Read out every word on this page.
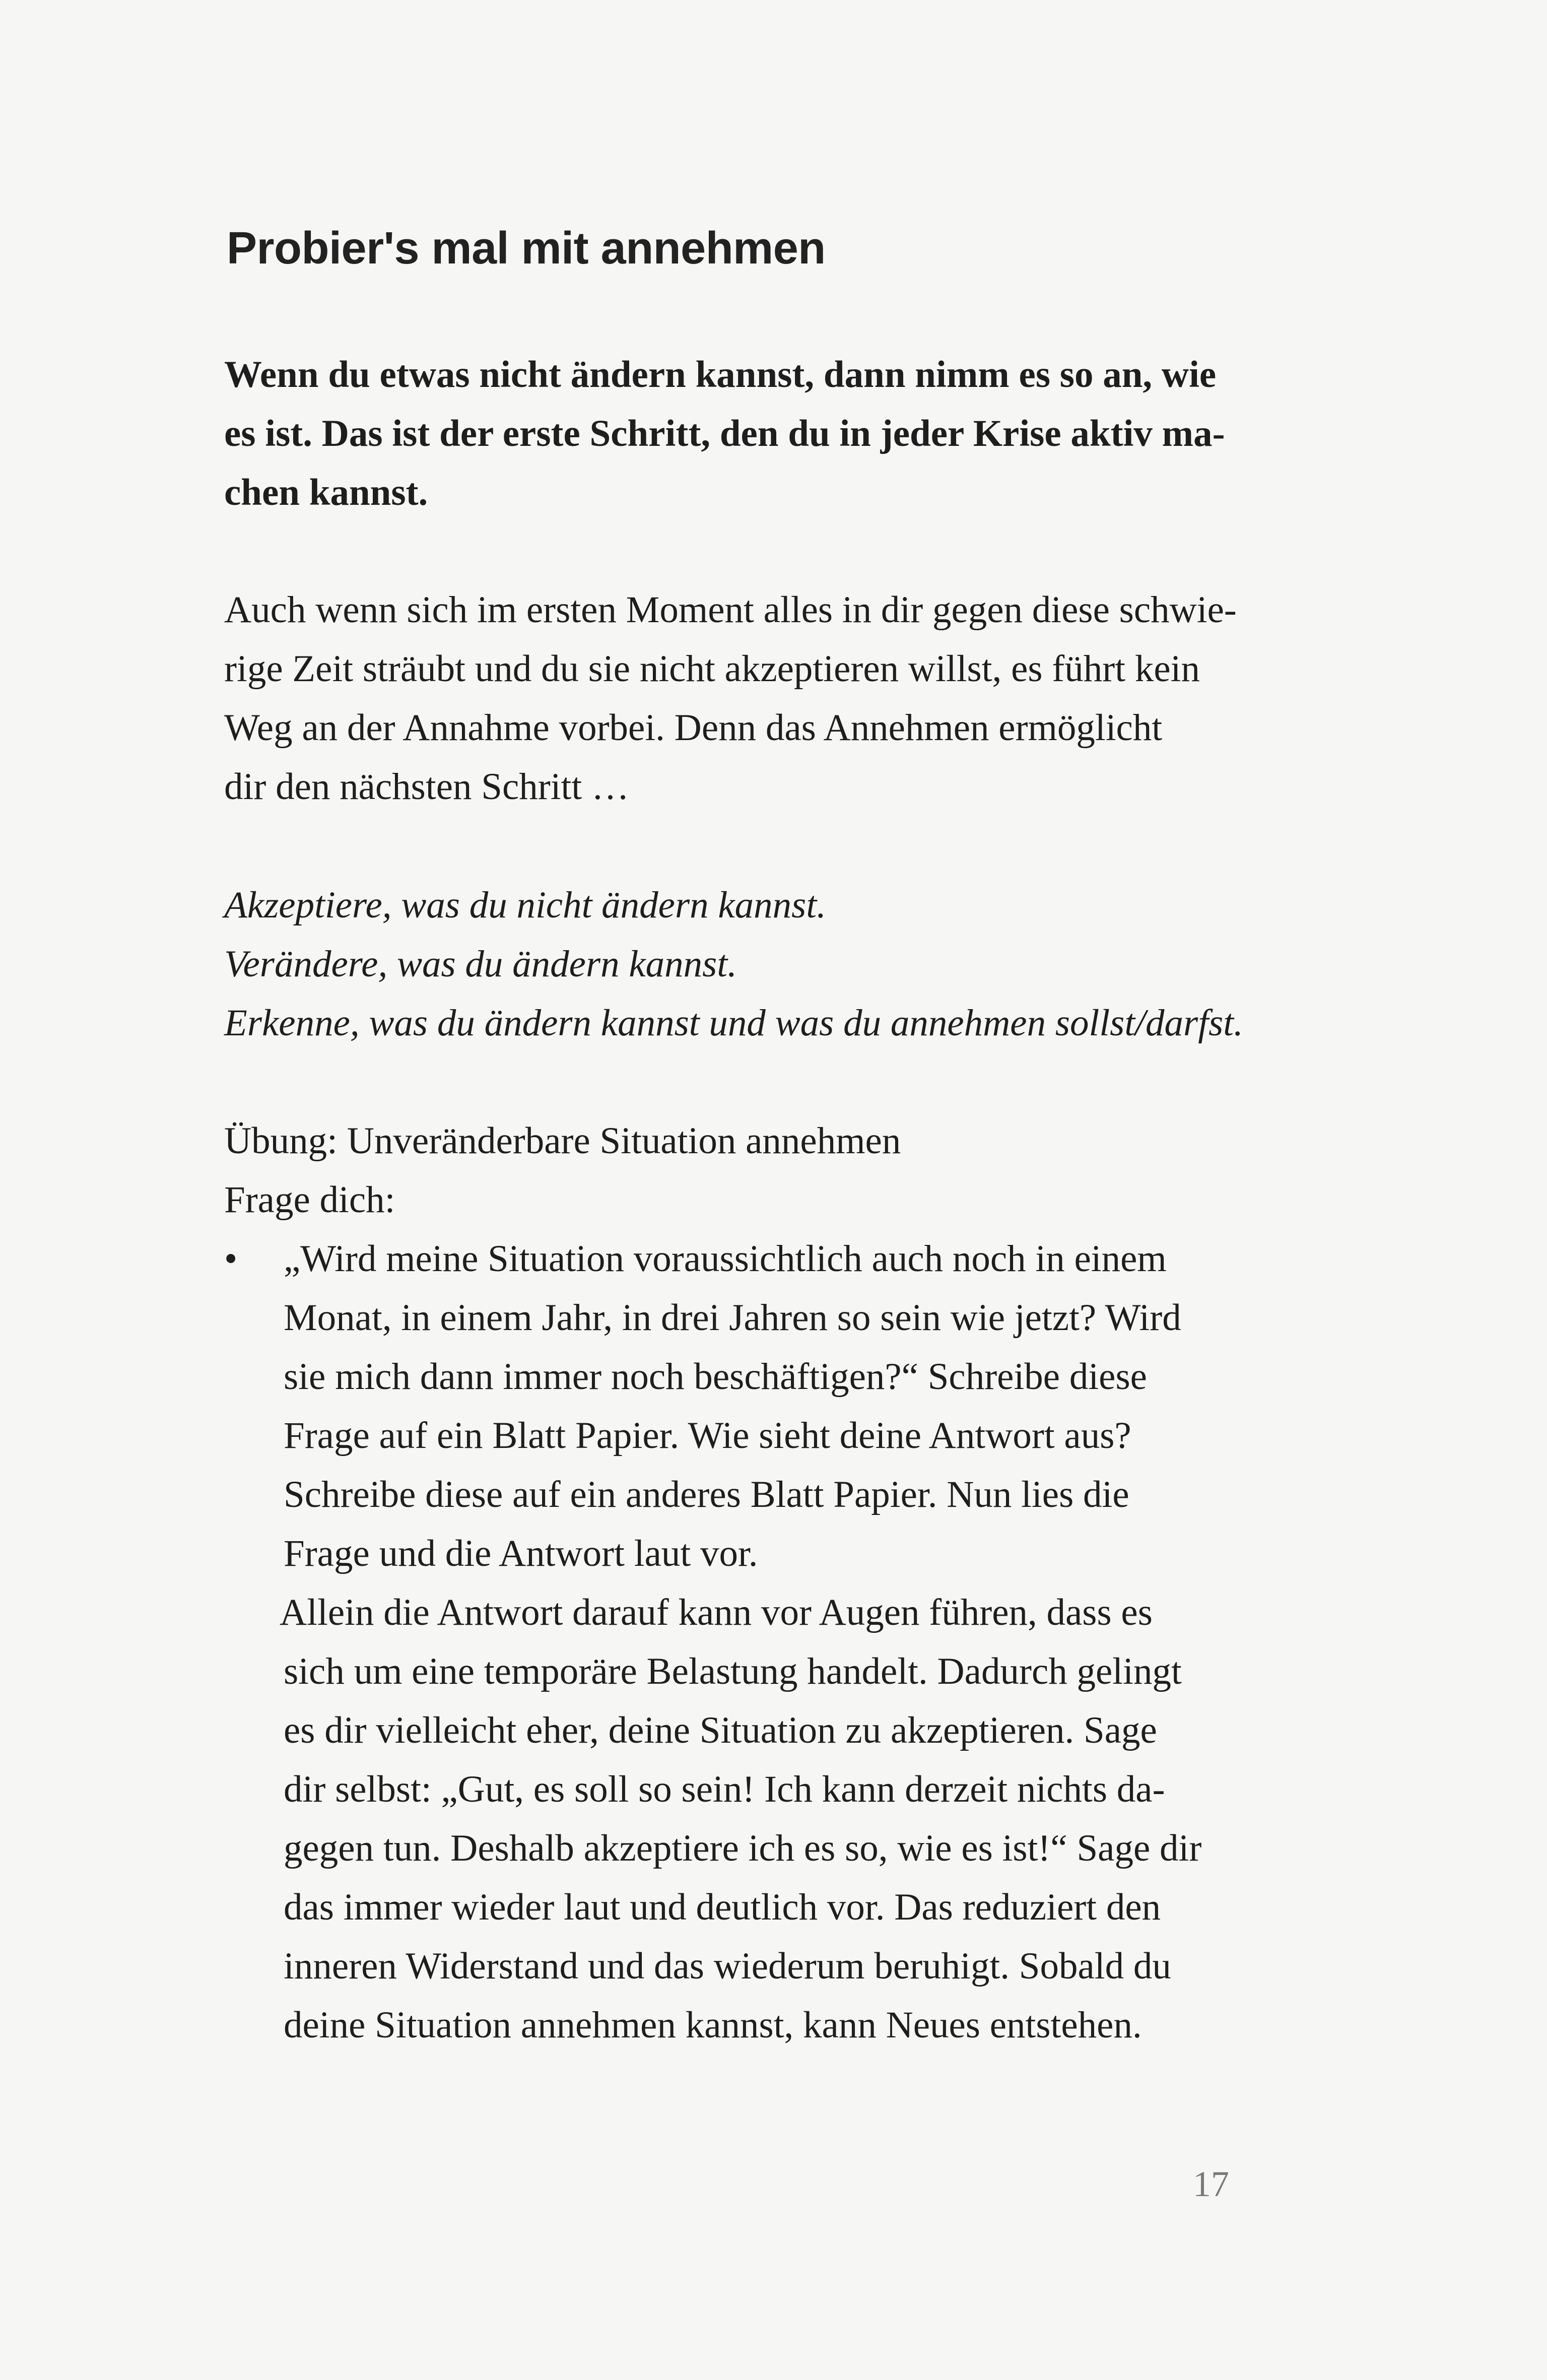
Probier's mal mit annehmen
Wenn du etwas nicht ändern kannst, dann nimm es so an, wie
es ist. Das ist der erste Schritt, den du in jeder Krise aktiv ma-
chen kannst.
Auch wenn sich im ersten Moment alles in dir gegen diese schwie-
rige Zeit sträubt und du sie nicht akzeptieren willst, es führt kein
Weg an der Annahme vorbei. Denn das Annehmen ermöglicht
dir den nächsten Schritt …
Akzeptiere, was du nicht ändern kannst.
Verändere, was du ändern kannst.
Erkenne, was du ändern kannst und was du annehmen sollst/darfst.
Übung: Unveränderbare Situation annehmen
Frage dich:
•	„Wird meine Situation voraussichtlich auch noch in einem
Monat, in einem Jahr, in drei Jahren so sein wie jetzt? Wird
sie mich dann immer noch beschäftigen?“ Schreibe diese
Frage auf ein Blatt Papier. Wie sieht deine Antwort aus?
Schreibe diese auf ein anderes Blatt Papier. Nun lies die
Frage und die Antwort laut vor.
Allein die Antwort darauf kann vor Augen führen, dass es
sich um eine temporäre Belastung handelt. Dadurch gelingt
es dir vielleicht eher, deine Situation zu akzeptieren. Sage
dir selbst: „Gut, es soll so sein! Ich kann derzeit nichts da-
gegen tun. Deshalb akzeptiere ich es so, wie es ist!“ Sage dir
das immer wieder laut und deutlich vor. Das reduziert den
inneren Widerstand und das wiederum beruhigt. Sobald du
deine Situation annehmen kannst, kann Neues entstehen.
17
